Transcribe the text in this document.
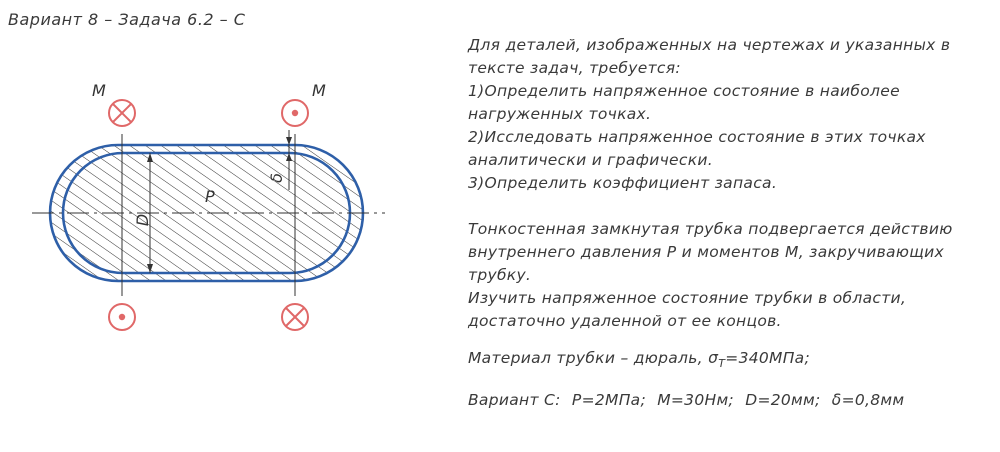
Вариант 8 – Задача 6.2 – С
D
δ
P
M	M

Для деталей, изображенных на чертежах и указанных в

тексте задач, требуется:

1)Определить напряженное состояние в наиболее

нагруженных точках.

2)Исследовать напряженное состояние в этих точках

аналитически и графически.

3)Определить коэффициент запаса.

Тонкостенная замкнутая трубка подвергается действию

внутреннего давления Р и моментов М, закручивающих

трубку.

Изучить напряженное состояние трубки в области,

достаточно удаленной от ее концов.

Материал трубки – дюраль, $\sigma_Т=340МПа$;

Вариант С: Р=2МПа; М=30Нм; D=20мм; δ=0,8мм
